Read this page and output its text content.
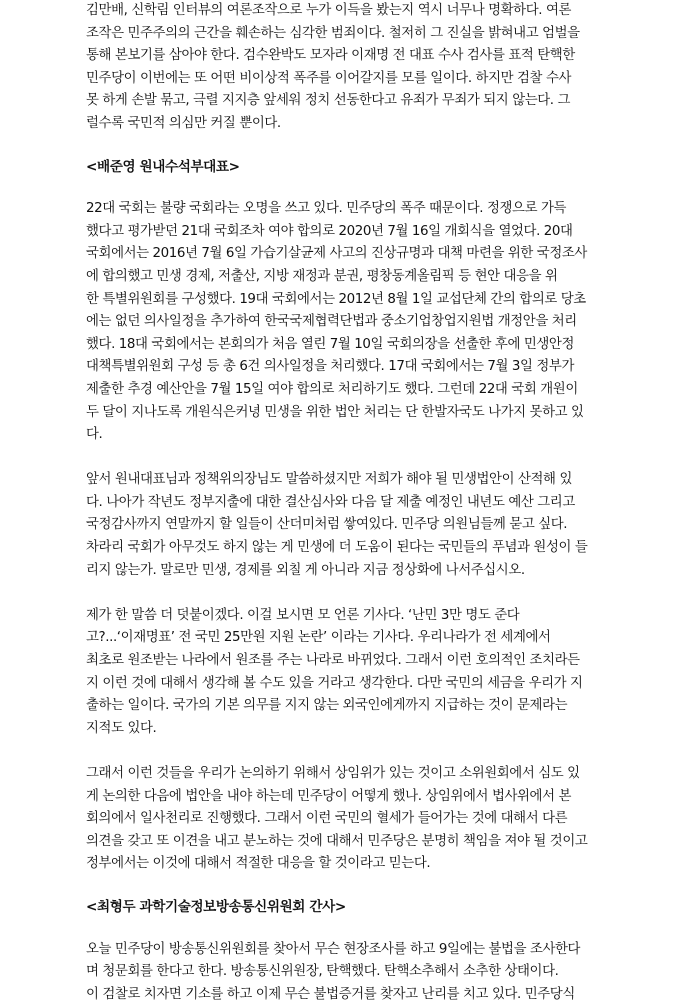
김만배, 신학림 인터뷰의 여론조작으로 누가 이득을 봤는지 역시 너무나 명확하다. 여론
조작은 민주주의의 근간을 훼손하는 심각한 범죄이다. 철저히 그 진실을 밝혀내고 엄벌을
통해 본보기를 삼아야 한다. 검수완박도 모자라 이재명 전 대표 수사 검사를 표적 탄핵한
민주당이 이번에는 또 어떤 비이상적 폭주를 이어갈지를 모를 일이다. 하지만 검찰 수사
못 하게 손발 묶고, 극렬 지지층 앞세워 정치 선동한다고 유죄가 무죄가 되지 않는다. 그
럴수록 국민적 의심만 커질 뿐이다.
<배준영 원내수석부대표>
22대 국회는 불량 국회라는 오명을 쓰고 있다. 민주당의 폭주 때문이다. 정쟁으로 가득
했다고 평가받던 21대 국회조차 여야 합의로 2020년 7월 16일 개회식을 열었다. 20대
국회에서는 2016년 7월 6일 가습기살균제 사고의 진상규명과 대책 마련을 위한 국정조사
에 합의했고 민생 경제, 저출산, 지방 재정과 분권, 평창동계올림픽 등 현안 대응을 위
한 특별위원회를 구성했다. 19대 국회에서는 2012년 8월 1일 교섭단체 간의 합의로 당초
에는 없던 의사일정을 추가하여 한국국제협력단법과 중소기업창업지원법 개정안을 처리
했다. 18대 국회에서는 본회의가 처음 열린 7월 10일 국회의장을 선출한 후에 민생안정
대책특별위원회 구성 등 총 6건 의사일정을 처리했다. 17대 국회에서는 7월 3일 정부가
제출한 추경 예산안을 7월 15일 여야 합의로 처리하기도 했다. 그런데 22대 국회 개원이
두 달이 지나도록 개원식은커녕 민생을 위한 법안 처리는 단 한발자국도 나가지 못하고 있
다.
앞서 원내대표님과 정책위의장님도 말씀하셨지만 저희가 해야 될 민생법안이 산적해 있
다. 나아가 작년도 정부지출에 대한 결산심사와 다음 달 제출 예정인 내년도 예산 그리고
국정감사까지 연말까지 할 일들이 산더미처럼 쌓여있다. 민주당 의원님들께 묻고 싶다.
차라리 국회가 아무것도 하지 않는 게 민생에 더 도움이 된다는 국민들의 푸념과 원성이 들
리지 않는가. 말로만 민생, 경제를 외칠 게 아니라 지금 정상화에 나서주십시오.
제가 한 말씀 더 덧붙이겠다. 이걸 보시면 모 언론 기사다. ‘난민 3만 명도 준다
고?...‘이재명표’ 전 국민 25만원 지원 논란’ 이라는 기사다. 우리나라가 전 세계에서
최초로 원조받는 나라에서 원조를 주는 나라로 바뀌었다. 그래서 이런 호의적인 조치라든
지 이런 것에 대해서 생각해 볼 수도 있을 거라고 생각한다. 다만 국민의 세금을 우리가 지
출하는 일이다. 국가의 기본 의무를 지지 않는 외국인에게까지 지급하는 것이 문제라는
지적도 있다.
그래서 이런 것들을 우리가 논의하기 위해서 상임위가 있는 것이고 소위원회에서 심도 있
게 논의한 다음에 법안을 내야 하는데 민주당이 어떻게 했나. 상임위에서 법사위에서 본
회의에서 일사천리로 진행했다. 그래서 이런 국민의 혈세가 들어가는 것에 대해서 다른
의견을 갖고 또 이견을 내고 분노하는 것에 대해서 민주당은 분명히 책임을 져야 될 것이고
정부에서는 이것에 대해서 적절한 대응을 할 것이라고 믿는다.
<최형두 과학기술정보방송통신위원회 간사>
오늘 민주당이 방송통신위원회를 찾아서 무슨 현장조사를 하고 9일에는 불법을 조사한다
며 청문회를 한다고 한다. 방송통신위원장, 탄핵했다. 탄핵소추해서 소추한 상태이다.
이 검찰로 치자면 기소를 하고 이제 무슨 불법증거를 찾자고 난리를 치고 있다. 민주당식
